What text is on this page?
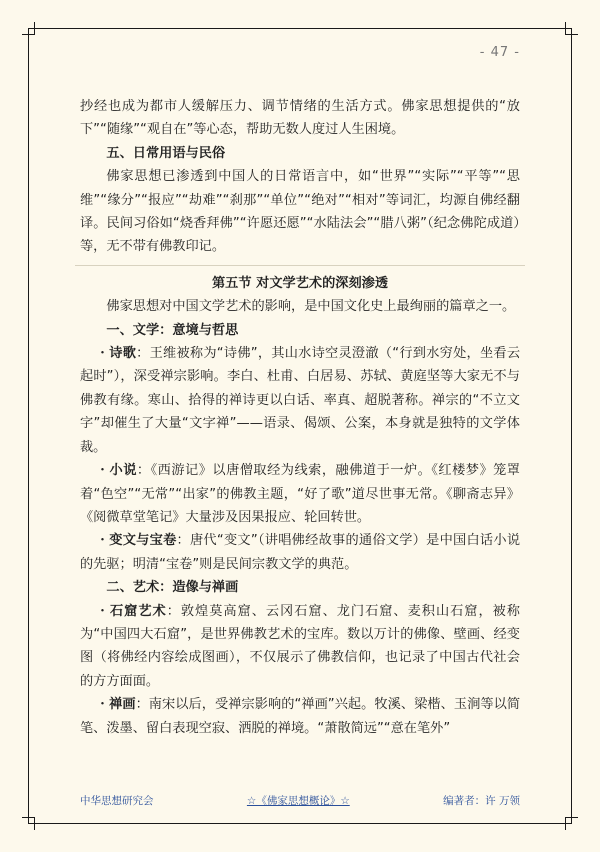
- 47 -

抄经也成为都市人缓解压力、调节情绪的生活方式。佛家思想提供的“放下”“随缘”“观自在”等心态，帮助无数人度过人生困境。

五、日常用语与民俗

佛家思想已渗透到中国人的日常语言中，如“世界”“实际”“平等”“思维”“缘分”“报应”“劫难”“刹那”“单位”“绝对”“相对”等词汇，均源自佛经翻译。民间习俗如“烧香拜佛”“许愿还愿”“水陆法会”“腊八粥”（纪念佛陀成道）等，无不带有佛教印记。

第五节 对文学艺术的深刻渗透

佛家思想对中国文学艺术的影响，是中国文化史上最绚丽的篇章之一。

一、文学：意境与哲思

・诗歌：王维被称为“诗佛”，其山水诗空灵澄澈（“行到水穷处，坐看云起时”），深受禅宗影响。李白、杜甫、白居易、苏轼、黄庭坚等大家无不与佛教有缘。寒山、拾得的禅诗更以白话、率真、超脱著称。禅宗的“不立文字”却催生了大量“文字禅”——语录、偈颂、公案，本身就是独特的文学体裁。

・小说：《西游记》以唐僧取经为线索，融佛道于一炉。《红楼梦》笼罩着“色空”“无常”“出家”的佛教主题，“好了歌”道尽世事无常。《聊斋志异》《阅微草堂笔记》大量涉及因果报应、轮回转世。

・变文与宝卷：唐代“变文”（讲唱佛经故事的通俗文学）是中国白话小说的先驱；明清“宝卷”则是民间宗教文学的典范。

二、艺术：造像与禅画

・石窟艺术：敦煌莫高窟、云冈石窟、龙门石窟、麦积山石窟，被称为“中国四大石窟”，是世界佛教艺术的宝库。数以万计的佛像、壁画、经变图（将佛经内容绘成图画），不仅展示了佛教信仰，也记录了中国古代社会的方方面面。

・禅画：南宋以后，受禅宗影响的“禅画”兴起。牧溪、梁楷、玉涧等以简笔、泼墨、留白表现空寂、洒脱的禅境。“萧散简远”“意在笔外”

中华思想研究会	☆《佛家思想概论》☆	编著者：许 万领
